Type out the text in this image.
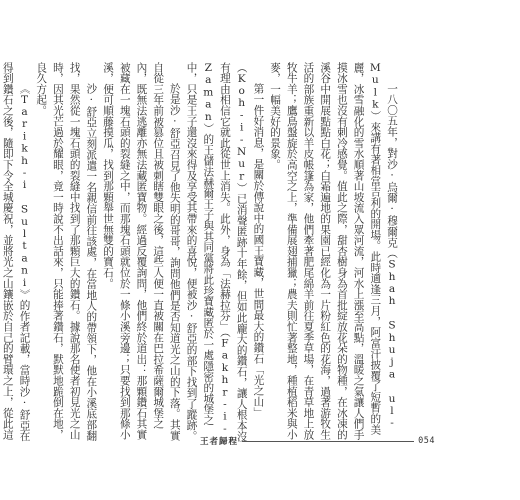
一八〇五年，對沙·烏爾·穆爾克（Shah Shuja ul-Mulk）來講有著相當吉利的開場。此時適逢三月，阿富汗披覆了短暫的美麗，冰雪融化的雪水順著山坡流入眾河流，河水上漲至高點，溫暖之氣讓人們手摸冰雪也沒有刺冷感覺。值此之際，甜杏樹身為首批綻放花朵的物種，在冰凍的溪谷中開展點點白花；白霜遍地的果園已經化為一片粉紅色的花海，過著游牧生活的部族重新以羊皮帳篷為家，他們牽著肥尾綿羊前往夏季草場，在青草地上放牧牛羊；鷹鳥盤旋於高空之上，準備展翅捕獵；農夫則忙著整地，種植稻米與小麥，一幅美好的景象。

第一件好消息，是關於傳說中的國王寶藏，世間最大的鑽石「光之山」（Koh-i-Nur）已消聲匿跡十年餘，但如此龐大的鑽石，讓人根本沒有理由相信它就此從世上消失。此外，身為「法赫拉芬」（Fakhr-i-Zaman）的王儲法赫爾王子與其同黨將此珍寶藏匿於一處隱密的城堡之中，只是王子還沒來得及享受其帶來的喜悅，便被沙·舒亞的部下找到了蹤跡。

於是沙·舒亞召見了他失明的哥哥，詢問他們是否知道光之山的下落。其實自從三年前被篡位且被刺瞎雙眼之後，這些人便一直被關在巴拉希薩爾城堡之內，既無法逃離亦無法藏匿寶物。經過反覆詢問，他們終於道出：那顆鑽石其實被藏在一塊石頭的裂縫之中，而那塊石頭就位於一條小溪旁邊；只要找到那條小溪，便可順藤摸瓜，找到那顆舉世無雙的寶石。

沙·舒亞立刻派遣一名親信前往該處，在當地人的帶領下，他在小溪底部翻找，果然從一塊石頭的裂縫中找到了那顆巨大的鑽石。據說那名使者初見光之山時，因其光芒過於耀眼，竟一時說不出話來，只能捧著鑽石，默默地跪倒在地，良久方起。

《Tarikh-i Sultani》的作者記載，當時沙·舒亞在得到鑽石之後，隨即下令全城慶祝，並將光之山鑲嵌於自己的臂環之上，從此這

王者歸程	054
